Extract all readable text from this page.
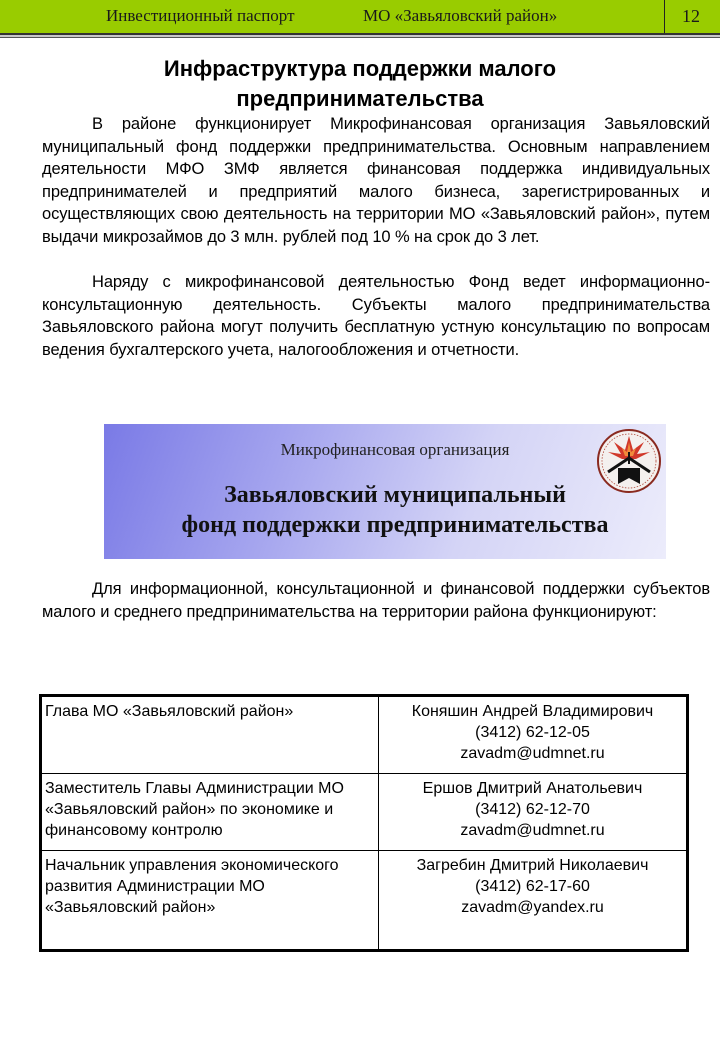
Инвестиционный паспорт	МО «Завьяловский район»	12
Инфраструктура поддержки малого предпринимательства

В районе функционирует Микрофинансовая организация Завьяловский муниципальный фонд поддержки предпринимательства. Основным направлением деятельности МФО ЗМФ является финансовая поддержка индивидуальных предпринимателей и предприятий малого бизнеса, зарегистрированных и осуществляющих свою деятельность на территории МО «Завьяловский район», путем выдачи микрозаймов до 3 млн. рублей под 10 % на срок до 3 лет.

Наряду с микрофинансовой деятельностью Фонд ведет информационно-консультационную деятельность. Субъекты малого предпринимательства Завьяловского района могут получить бесплатную устную консультацию по вопросам ведения бухгалтерского учета, налогообложения и отчетности.

Микрофинансовая организация
Завьяловский муниципальный
фонд поддержки предпринимательства

Для информационной, консультационной и финансовой поддержки субъектов малого и среднего предпринимательства на территории района функционируют:

Глава МО «Завьяловский район»	Коняшин Андрей Владимирович
(3412) 62-12-05
zavadm@udmnet.ru

Заместитель Главы Администрации МО «Завьяловский район» по экономике и финансовому контролю	Ершов Дмитрий Анатольевич
(3412) 62-12-70
zavadm@udmnet.ru

Начальник управления экономического развития Администрации МО «Завьяловский район»	Загребин Дмитрий Николаевич
(3412) 62-17-60
zavadm@yandex.ru
